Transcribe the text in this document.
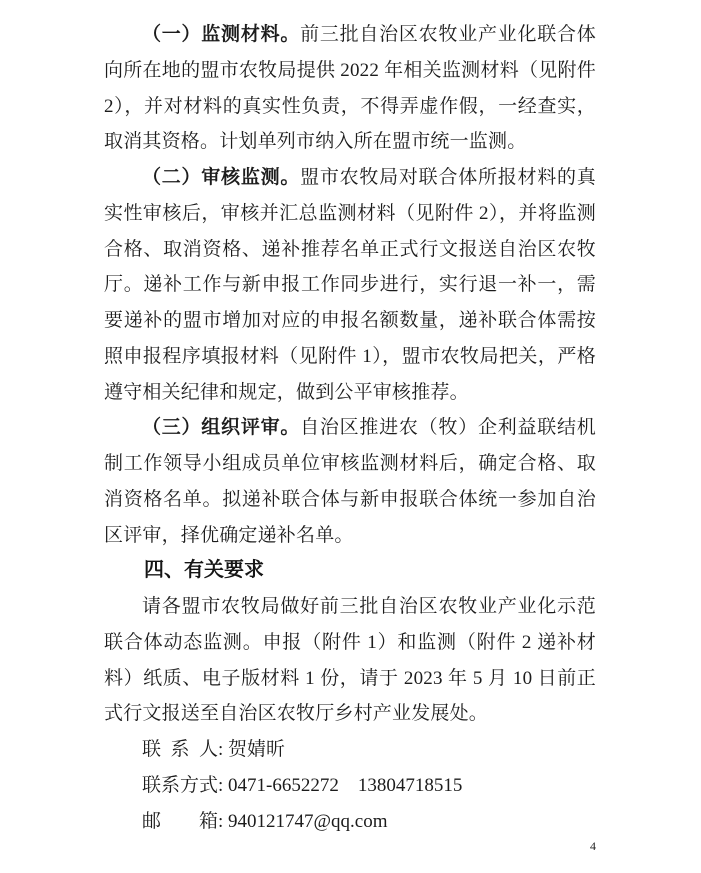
（一）监测材料。前三批自治区农牧业产业化联合体向所在地的盟市农牧局提供 2022 年相关监测材料（见附件 2），并对材料的真实性负责，不得弄虚作假，一经查实，取消其资格。计划单列市纳入所在盟市统一监测。

（二）审核监测。盟市农牧局对联合体所报材料的真实性审核后，审核并汇总监测材料（见附件 2），并将监测合格、取消资格、递补推荐名单正式行文报送自治区农牧厅。递补工作与新申报工作同步进行，实行退一补一，需要递补的盟市增加对应的申报名额数量，递补联合体需按照申报程序填报材料（见附件 1），盟市农牧局把关，严格遵守相关纪律和规定，做到公平审核推荐。

（三）组织评审。自治区推进农（牧）企利益联结机制工作领导小组成员单位审核监测材料后，确定合格、取消资格名单。拟递补联合体与新申报联合体统一参加自治区评审，择优确定递补名单。

四、有关要求

请各盟市农牧局做好前三批自治区农牧业产业化示范联合体动态监测。申报（附件 1）和监测（附件 2 递补材料）纸质、电子版材料 1 份，请于 2023 年 5 月 10 日前正式行文报送至自治区农牧厅乡村产业发展处。

联 系 人: 贺婧昕
联系方式: 0471-6652272  13804718515
邮  箱: 940121747@qq.com
4
